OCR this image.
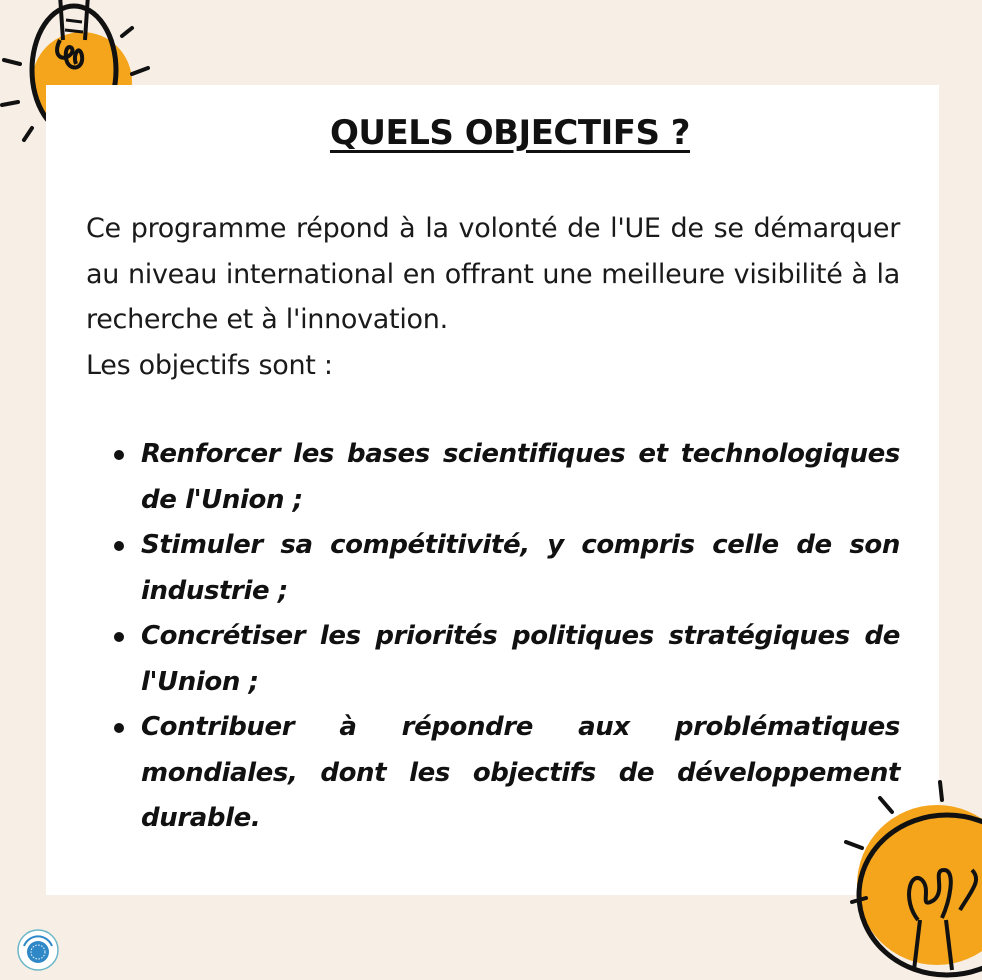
QUELS OBJECTIFS ?

Ce programme répond à la volonté de l'UE de se démarquer au niveau international en offrant une meilleure visibilité à la recherche et à l'innovation.

Les objectifs sont :

Renforcer les bases scientifiques et technologiques de l'Union ;
Stimuler sa compétitivité, y compris celle de son industrie ;
Concrétiser les priorités politiques stratégiques de l'Union ;
Contribuer à répondre aux problématiques mondiales, dont les objectifs de développement durable.
